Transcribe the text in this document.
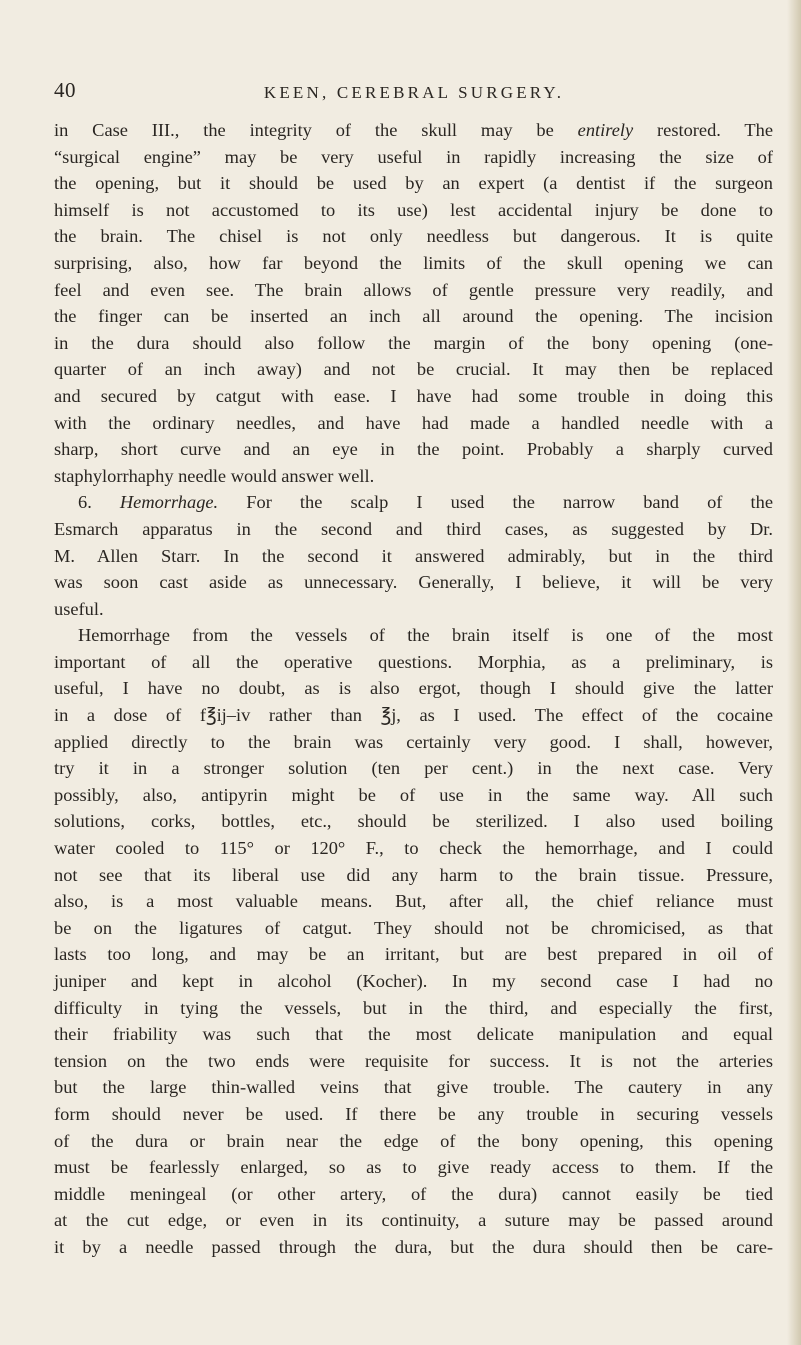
40	KEEN, CEREBRAL SURGERY.

in Case III., the integrity of the skull may be entirely restored. The
“surgical engine” may be very useful in rapidly increasing the size of
the opening, but it should be used by an expert (a dentist if the surgeon
himself is not accustomed to its use) lest accidental injury be done to
the brain. The chisel is not only needless but dangerous. It is quite
surprising, also, how far beyond the limits of the skull opening we can
feel and even see. The brain allows of gentle pressure very readily, and
the finger can be inserted an inch all around the opening. The incision
in the dura should also follow the margin of the bony opening (one-
quarter of an inch away) and not be crucial. It may then be replaced
and secured by catgut with ease. I have had some trouble in doing this
with the ordinary needles, and have had made a handled needle with a
sharp, short curve and an eye in the point. Probably a sharply curved
staphylorrhaphy needle would answer well.
6. Hemorrhage. For the scalp I used the narrow band of the
Esmarch apparatus in the second and third cases, as suggested by Dr.
M. Allen Starr. In the second it answered admirably, but in the third
was soon cast aside as unnecessary. Generally, I believe, it will be very
useful.
Hemorrhage from the vessels of the brain itself is one of the most
important of all the operative questions. Morphia, as a preliminary, is
useful, I have no doubt, as is also ergot, though I should give the latter
in a dose of f℥ij–iv rather than ℥j, as I used. The effect of the cocaine
applied directly to the brain was certainly very good. I shall, however,
try it in a stronger solution (ten per cent.) in the next case. Very
possibly, also, antipyrin might be of use in the same way. All such
solutions, corks, bottles, etc., should be sterilized. I also used boiling
water cooled to 115° or 120° F., to check the hemorrhage, and I could
not see that its liberal use did any harm to the brain tissue. Pressure,
also, is a most valuable means. But, after all, the chief reliance must
be on the ligatures of catgut. They should not be chromicised, as that
lasts too long, and may be an irritant, but are best prepared in oil of
juniper and kept in alcohol (Kocher). In my second case I had no
difficulty in tying the vessels, but in the third, and especially the first,
their friability was such that the most delicate manipulation and equal
tension on the two ends were requisite for success. It is not the arteries
but the large thin-walled veins that give trouble. The cautery in any
form should never be used. If there be any trouble in securing vessels
of the dura or brain near the edge of the bony opening, this opening
must be fearlessly enlarged, so as to give ready access to them. If the
middle meningeal (or other artery, of the dura) cannot easily be tied
at the cut edge, or even in its continuity, a suture may be passed around
it by a needle passed through the dura, but the dura should then be care-
